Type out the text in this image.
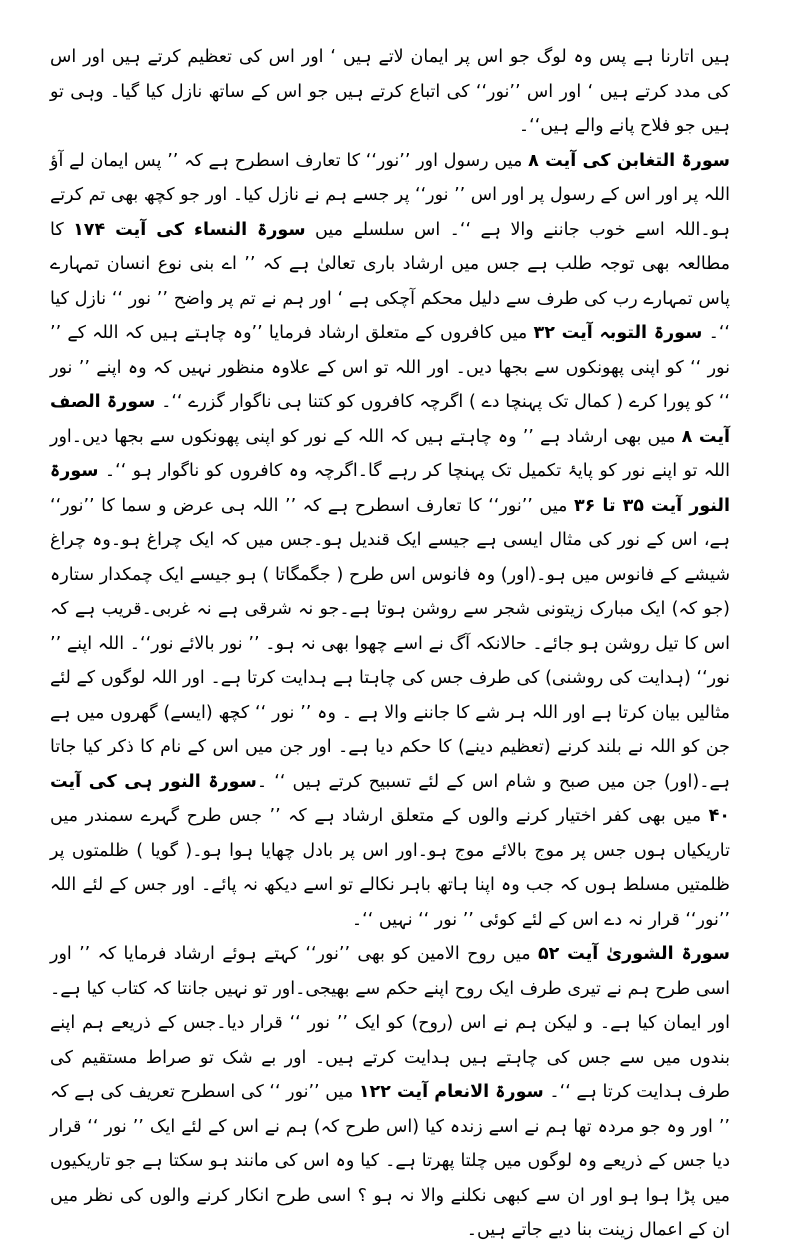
ہیں اتارنا ہے پس وہ لوگ جو اس پر ایمان لاتے ہیں ‘ اور اس کی تعظیم کرتے ہیں اور اس کی مدد کرتے ہیں ‘ اور اس ’’نور‘‘ کی اتباع کرتے ہیں جو اس کے ساتھ نازل کیا گیا۔ وہی تو ہیں جو فلاح پانے والے ہیں‘‘۔

سورۃ التغابن کی آیت ۸ میں رسول اور ’’نور‘‘ کا تعارف اسطرح ہے کہ ’’ پس ایمان لے آؤ اللہ پر اور اس کے رسول پر اور اس ’’ نور‘‘ پر جسے ہم نے نازل کیا۔ اور جو کچھ بھی تم کرتے ہو۔اللہ اسے خوب جاننے والا ہے ‘‘۔ اس سلسلے میں سورۃ النساء کی آیت ۱۷۴ کا مطالعہ بھی توجہ طلب ہے جس میں ارشاد باری تعالیٰ ہے کہ ’’ اے بنی نوع انسان تمہارے پاس تمہارے رب کی طرف سے دلیل محکم آچکی ہے ‘ اور ہم نے تم پر واضح ’’ نور ‘‘ نازل کیا ‘‘۔ سورۃ التوبہ آیت ۳۲ میں کافروں کے متعلق ارشاد فرمایا ’’وہ چاہتے ہیں کہ اللہ کے ’’ نور ‘‘ کو اپنی پھونکوں سے بجھا دیں۔ اور اللہ تو اس کے علاوہ منظور نہیں کہ وہ اپنے ’’ نور ‘‘ کو پورا کرے ( کمال تک پہنچا دے ) اگرچہ کافروں کو کتنا ہی ناگوار گزرے ‘‘۔ سورۃ الصف آیت ۸ میں بھی ارشاد ہے ’’ وہ چاہتے ہیں کہ اللہ کے نور کو اپنی پھونکوں سے بجھا دیں۔اور اللہ تو اپنے نور کو پایۂ تکمیل تک پہنچا کر رہے گا۔اگرچہ وہ کافروں کو ناگوار ہو ‘‘۔ سورۃ النور آیت ۳۵ تا ۳۶ میں ’’نور‘‘ کا تعارف اسطرح ہے کہ ’’ اللہ ہی عرض و سما کا ’’نور‘‘ ہے، اس کے نور کی مثال ایسی ہے جیسے ایک قندیل ہو۔جس میں کہ ایک چراغ ہو۔وہ چراغ شیشے کے فانوس میں ہو۔(اور) وہ فانوس اس طرح ( جگمگاتا ) ہو جیسے ایک چمکدار ستارہ (جو کہ) ایک مبارک زیتونی شجر سے روشن ہوتا ہے۔جو نہ شرقی ہے نہ غربی۔قریب ہے کہ اس کا تیل روشن ہو جائے۔ حالانکہ آگ نے اسے چھوا بھی نہ ہو۔ ’’ نور بالائے نور‘‘۔ اللہ اپنے ’’ نور‘‘ (ہدایت کی روشنی) کی طرف جس کی چاہتا ہے ہدایت کرتا ہے۔ اور اللہ لوگوں کے لئے مثالیں بیان کرتا ہے اور اللہ ہر شے کا جاننے والا ہے ۔ وہ ’’ نور ‘‘ کچھ (ایسے) گھروں میں ہے جن کو اللہ نے بلند کرنے (تعظیم دینے) کا حکم دیا ہے۔ اور جن میں اس کے نام کا ذکر کیا جاتا ہے۔(اور) جن میں صبح و شام اس کے لئے تسبیح کرتے ہیں ‘‘ ۔سورۃ النور ہی کی آیت ۴۰ میں بھی کفر اختیار کرنے والوں کے متعلق ارشاد ہے کہ ’’ جس طرح گہرے سمندر میں تاریکیاں ہوں جس پر موج بالائے موج ہو۔اور اس پر بادل چھایا ہوا ہو۔( گویا ) ظلمتوں پر ظلمتیں مسلط ہوں کہ جب وہ اپنا ہاتھ باہر نکالے تو اسے دیکھ نہ پائے۔ اور جس کے لئے اللہ ’’نور‘‘ قرار نہ دے اس کے لئے کوئی ’’ نور ‘‘ نہیں ‘‘۔

سورۃ الشوریٰ آیت ۵۲ میں روح الامین کو بھی ’’نور‘‘ کہتے ہوئے ارشاد فرمایا کہ ’’ اور اسی طرح ہم نے تیری طرف ایک روح اپنے حکم سے بھیجی۔اور تو نہیں جانتا کہ کتاب کیا ہے۔اور ایمان کیا ہے۔ و لیکن ہم نے اس (روح) کو ایک ’’ نور ‘‘ قرار دیا۔جس کے ذریعے ہم اپنے بندوں میں سے جس کی چاہتے ہیں ہدایت کرتے ہیں۔ اور بے شک تو صراط مستقیم کی طرف ہدایت کرتا ہے ‘‘۔ سورۃ الانعام آیت ۱۲۲ میں ’’نور ‘‘ کی اسطرح تعریف کی ہے کہ ’’ اور وہ جو مردہ تھا ہم نے اسے زندہ کیا (اس طرح کہ) ہم نے اس کے لئے ایک ’’ نور ‘‘ قرار دیا جس کے ذریعے وہ لوگوں میں چلتا پھرتا ہے۔ کیا وہ اس کی مانند ہو سکتا ہے جو تاریکیوں میں پڑا ہوا ہو اور ان سے کبھی نکلنے والا نہ ہو ؟ اسی طرح انکار کرنے والوں کی نظر میں ان کے اعمال زینت بنا دیے جاتے ہیں۔
